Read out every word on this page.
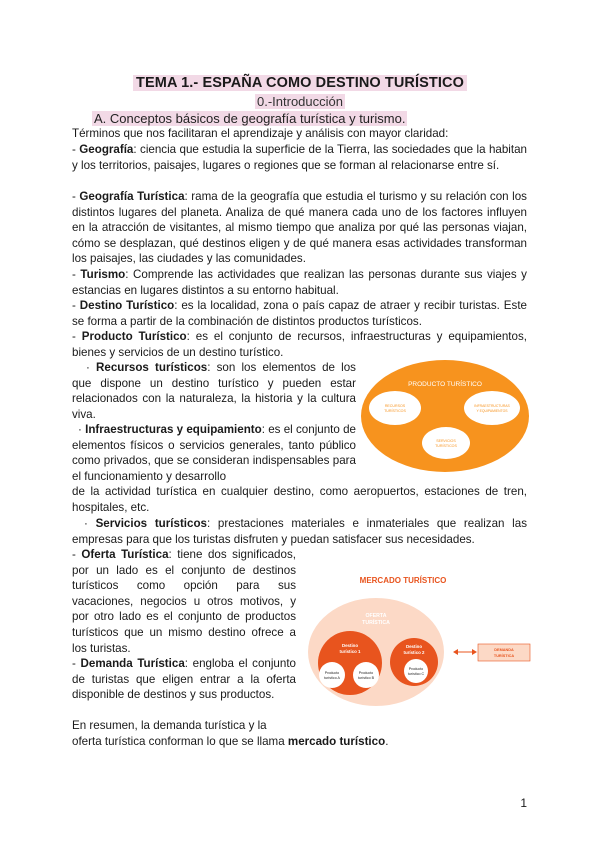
TEMA 1.- ESPAÑA COMO DESTINO TURÍSTICO
0.-Introducción
A. Conceptos básicos de geografía turística y turismo.
Términos que nos facilitaran el aprendizaje y análisis con mayor claridad:
- Geografía: ciencia que estudia la superficie de la Tierra, las sociedades que la habitan y los territorios, paisajes, lugares o regiones que se forman al relacionarse entre sí.
- Geografía Turística: rama de la geografía que estudia el turismo y su relación con los distintos lugares del planeta. Analiza de qué manera cada uno de los factores influyen en la atracción de visitantes, al mismo tiempo que analiza por qué las personas viajan, cómo se desplazan, qué destinos eligen y de qué manera esas actividades transforman los paisajes, las ciudades y las comunidades.
- Turismo: Comprende las actividades que realizan las personas durante sus viajes y estancias en lugares distintos a su entorno habitual.
- Destino Turístico: es la localidad, zona o país capaz de atraer y recibir turistas. Este se forma a partir de la combinación de distintos productos turísticos.
- Producto Turístico: es el conjunto de recursos, infraestructuras y equipamientos, bienes y servicios de un destino turístico.
· Recursos turísticos: son los elementos de los que dispone un destino turístico y pueden estar relacionados con la naturaleza, la historia y la cultura viva.
· Infraestructuras y equipamiento: es el conjunto de elementos físicos o servicios generales, tanto público como privados, que se consideran indispensables para el funcionamiento y desarrollo
de la actividad turística en cualquier destino, como aeropuertos, estaciones de tren, hospitales, etc.
· Servicios turísticos: prestaciones materiales e inmateriales que realizan las empresas para que los turistas disfruten y puedan satisfacer sus necesidades.
- Oferta Turística: tiene dos significados, por un lado es el conjunto de destinos turísticos como opción para sus vacaciones, negocios u otros motivos, y por otro lado es el conjunto de productos turísticos que un mismo destino ofrece a los turistas.
- Demanda Turística: engloba el conjunto de turistas que eligen entrar a la oferta disponible de destinos y sus productos.
En resumen, la demanda turística y la
oferta turística conforman lo que se llama mercado turístico.
PRODUCTO TURÍSTICO
RECURSOS
TURÍSTICOS
INFRAESTRUCTURAS
Y EQUIPAMIENTOS
SERVICIOS
TURÍSTICOS
MERCADO TURÍSTICO
OFERTA
TURÍSTICA
Destino
turístico 1
Producto
turístico A
Producto
turístico B
Destino
turístico 2
Producto
turístico C
DEMANDA
TURÍSTICA
1
